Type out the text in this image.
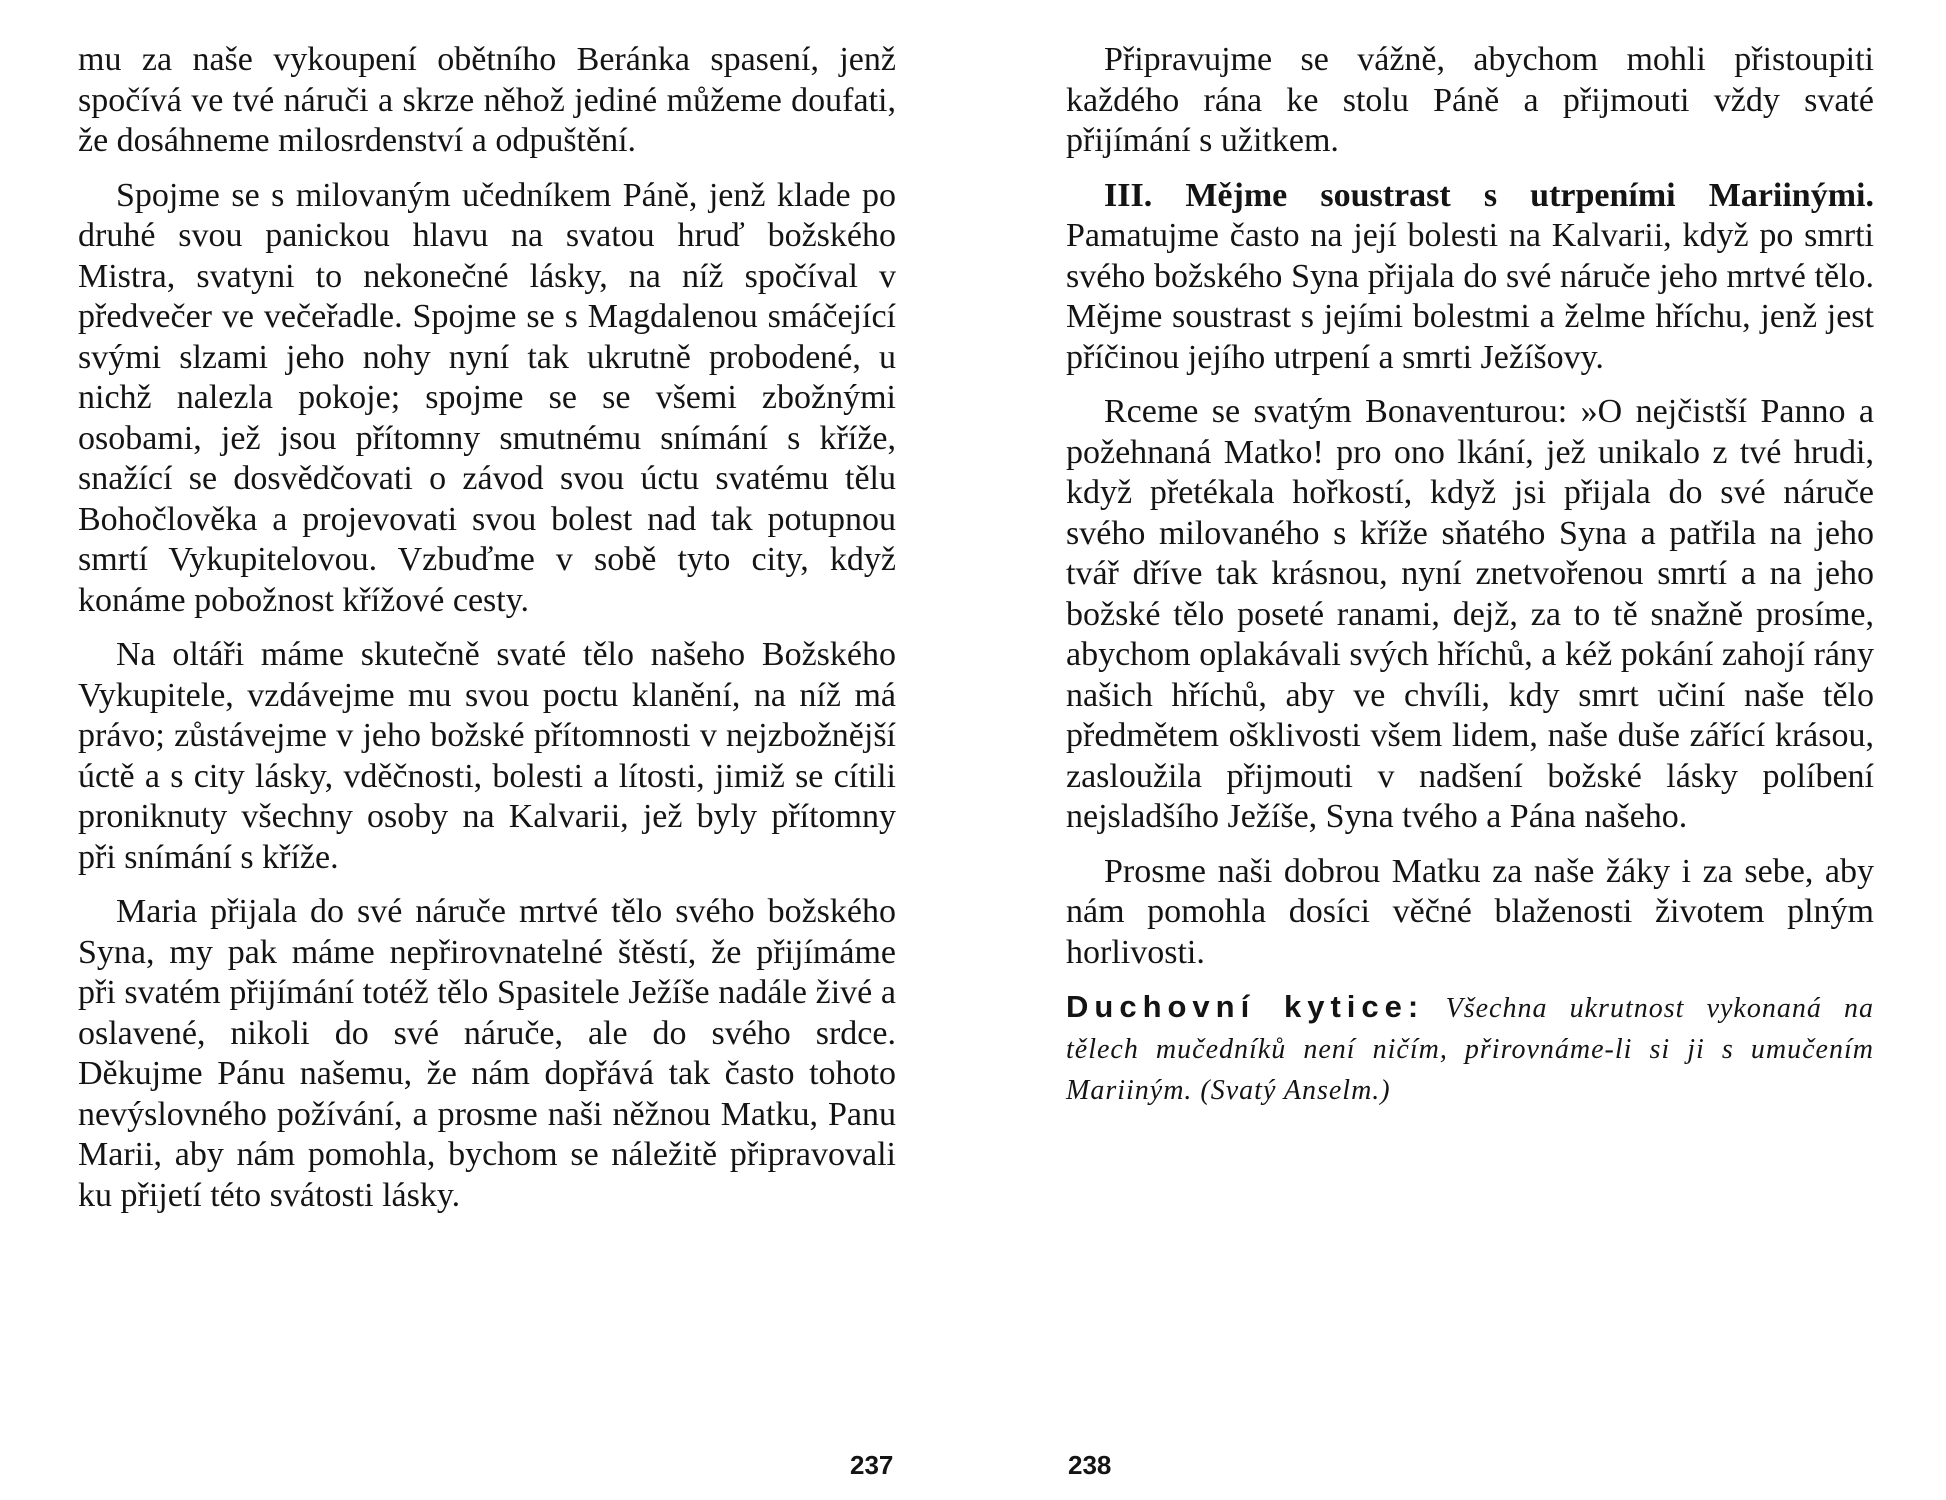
mu za naše vykoupení obětního Beránka spasení, jenž spočívá ve tvé náruči a skrze něhož jediné můžeme doufati, že dosáhneme milosrdenství a odpuštění.

Spojme se s milovaným učedníkem Páně, jenž klade po druhé svou panickou hlavu na svatou hruď božského Mistra, svatyni to nekonečné lásky, na níž spočíval v předvečer ve večeřadle. Spojme se s Magdalenou smáčející svými slzami jeho nohy nyní tak ukrutně probodené, u nichž nalezla pokoje; spojme se se všemi zbožnými osobami, jež jsou přítomny smutnému snímání s kříže, snažící se dosvědčovati o závod svou úctu svatému tělu Bohočlověka a projevovati svou bolest nad tak potupnou smrtí Vykupitelovou. Vzbuďme v sobě tyto city, když konáme pobožnost křížové cesty.

Na oltáři máme skutečně svaté tělo našeho Božského Vykupitele, vzdávejme mu svou poctu klanění, na níž má právo; zůstávejme v jeho božské přítomnosti v nejzbožnější úctě a s city lásky, vděčnosti, bolesti a lítosti, jimiž se cítili proniknuty všechny osoby na Kalvarii, jež byly přítomny při snímání s kříže.

Maria přijala do své náruče mrtvé tělo svého božského Syna, my pak máme nepřirovnatelné štěstí, že přijímáme při svatém přijímání totéž tělo Spasitele Ježíše nadále živé a oslavené, nikoli do své náruče, ale do svého srdce. Děkujme Pánu našemu, že nám dopřává tak často tohoto nevýslovného požívání, a prosme naši něžnou Matku, Panu Marii, aby nám pomohla, bychom se náležitě připravovali ku přijetí této svátosti lásky.

237

Připravujme se vážně, abychom mohli přistoupiti každého rána ke stolu Páně a přijmouti vždy svaté přijímání s užitkem.

III. Mějme soustrast s utrpeními Mariinými. Pamatujme často na její bolesti na Kalvarii, když po smrti svého božského Syna přijala do své náruče jeho mrtvé tělo. Mějme soustrast s jejími bolestmi a želme hříchu, jenž jest příčinou jejího utrpení a smrti Ježíšovy.

Rceme se svatým Bonaventurou: »O nejčistší Panno a požehnaná Matko! pro ono lkání, jež unikalo z tvé hrudi, když přetékala hořkostí, když jsi přijala do své náruče svého milovaného s kříže sňatého Syna a patřila na jeho tvář dříve tak krásnou, nyní znetvořenou smrtí a na jeho božské tělo poseté ranami, dejž, za to tě snažně prosíme, abychom oplakávali svých hříchů, a kéž pokání zahojí rány našich hříchů, aby ve chvíli, kdy smrt učiní naše tělo předmětem ošklivosti všem lidem, naše duše zářící krásou, zasloužila přijmouti v nadšení božské lásky políbení nejsladšího Ježíše, Syna tvého a Pána našeho.

Prosme naši dobrou Matku za naše žáky i za sebe, aby nám pomohla dosíci věčné blaženosti životem plným horlivosti.

Duchovní kytice: Všechna ukrutnost vykonaná na tělech mučedníků není ničím, přirovnáme-li si ji s umučením Mariiným. (Svatý Anselm.)

238
